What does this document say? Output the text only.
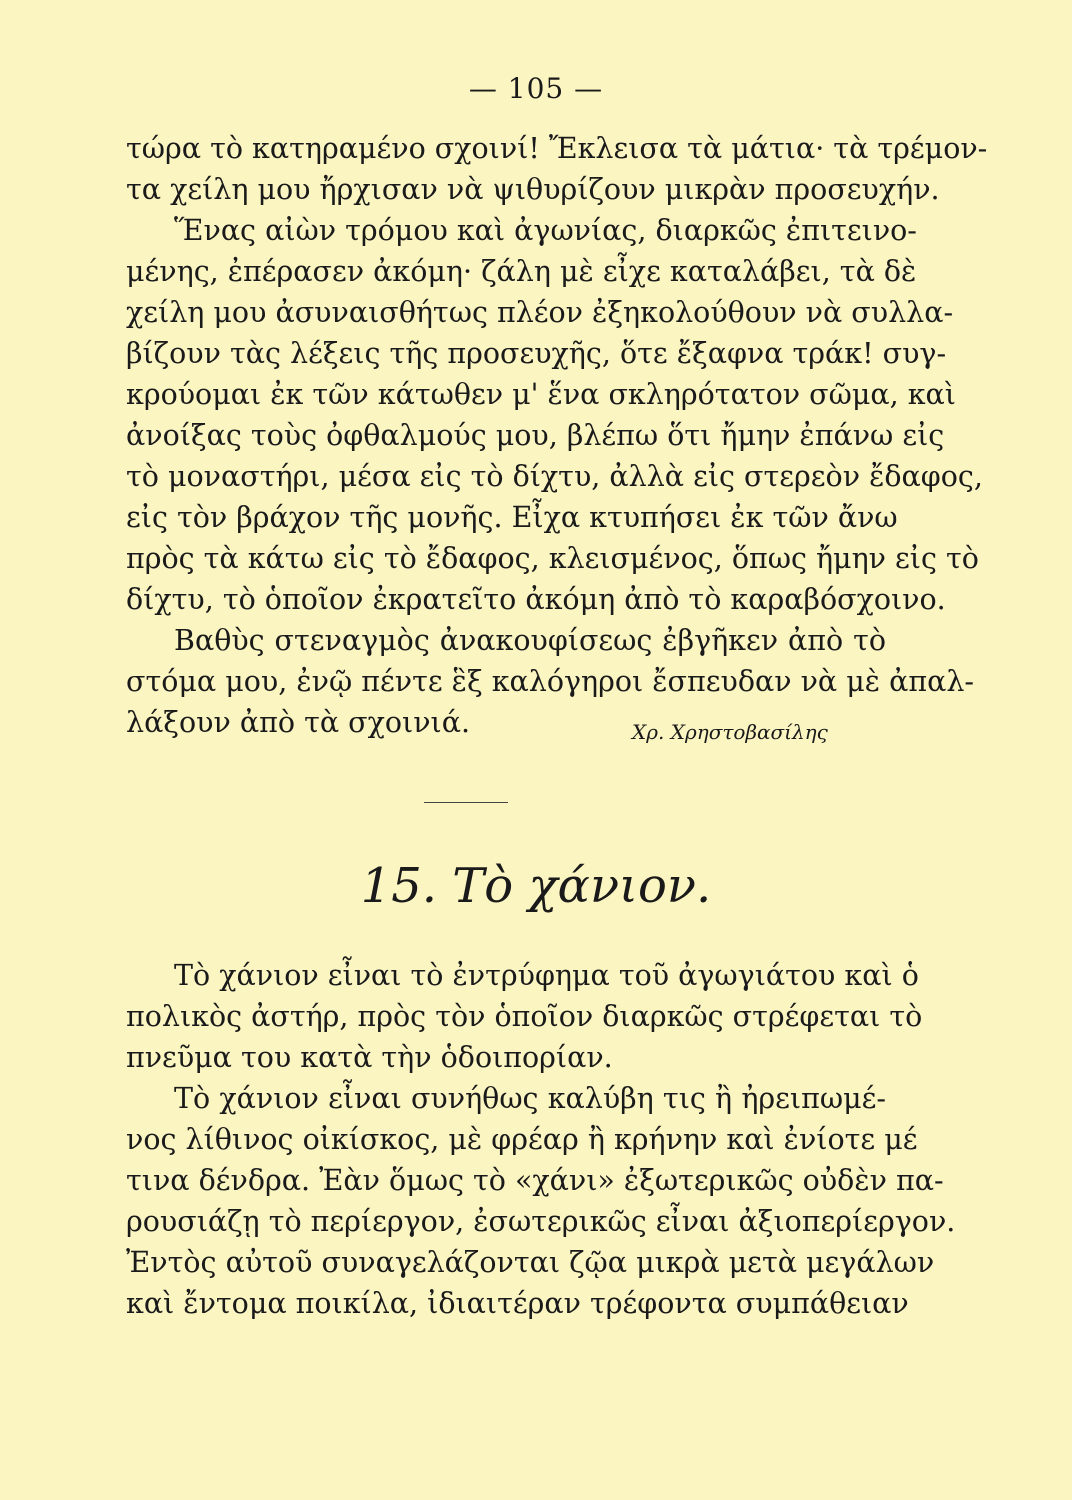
— 105 —
τώρα τὸ κατηραμένο σχοινί! Ἔκλεισα τὰ μάτια· τὰ τρέμον-
τα χείλη μου ἤρχισαν νὰ ψιθυρίζουν μικρὰν προσευχήν.
Ἕνας αἰὼν τρόμου καὶ ἀγωνίας, διαρκῶς ἐπιτεινο-
μένης, ἐπέρασεν ἀκόμη· ζάλη μὲ εἶχε καταλάβει, τὰ δὲ
χείλη μου ἀσυναισθήτως πλέον ἐξηκολούθουν νὰ συλλα-
βίζουν τὰς λέξεις τῆς προσευχῆς, ὅτε ἔξαφνα τράκ! συγ-
κρούομαι ἐκ τῶν κάτωθεν μ' ἕνα σκληρότατον σῶμα, καὶ
ἀνοίξας τοὺς ὀφθαλμούς μου, βλέπω ὅτι ἤμην ἐπάνω εἰς
τὸ μοναστήρι, μέσα εἰς τὸ δίχτυ, ἀλλὰ εἰς στερεὸν ἔδαφος,
εἰς τὸν βράχον τῆς μονῆς. Εἶχα κτυπήσει ἐκ τῶν ἄνω
πρὸς τὰ κάτω εἰς τὸ ἔδαφος, κλεισμένος, ὅπως ἤμην εἰς τὸ
δίχτυ, τὸ ὁποῖον ἐκρατεῖτο ἀκόμη ἀπὸ τὸ καραβόσχοινο.
Βαθὺς στεναγμὸς ἀνακουφίσεως ἐβγῆκεν ἀπὸ τὸ
στόμα μου, ἐνῷ πέντε ἓξ καλόγηροι ἔσπευδαν νὰ μὲ ἀπαλ-
λάξουν ἀπὸ τὰ σχοινιά.	Χρ. Χρηστοβασίλης
15. Τὸ χάνιον.
Τὸ χάνιον εἶναι τὸ ἐντρύφημα τοῦ ἀγωγιάτου καὶ ὁ
πολικὸς ἀστήρ, πρὸς τὸν ὁποῖον διαρκῶς στρέφεται τὸ
πνεῦμα του κατὰ τὴν ὁδοιπορίαν.
Τὸ χάνιον εἶναι συνήθως καλύβη τις ἢ ἠρειπωμέ-
νος λίθινος οἰκίσκος, μὲ φρέαρ ἢ κρήνην καὶ ἐνίοτε μέ
τινα δένδρα. Ἐὰν ὅμως τὸ «χάνι» ἐξωτερικῶς οὐδὲν πα-
ρουσιάζῃ τὸ περίεργον, ἐσωτερικῶς εἶναι ἀξιοπερίεργον.
Ἐντὸς αὐτοῦ συναγελάζονται ζῷα μικρὰ μετὰ μεγάλων
καὶ ἔντομα ποικίλα, ἰδιαιτέραν τρέφοντα συμπάθειαν
